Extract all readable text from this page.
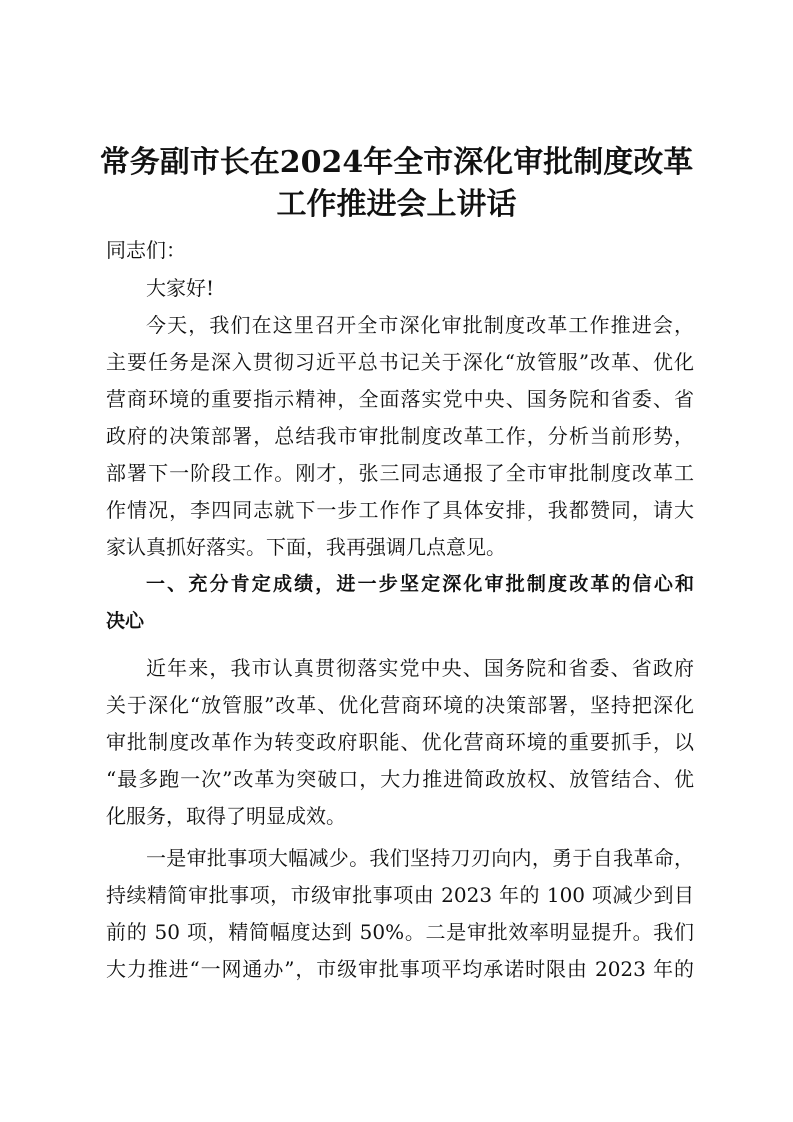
常务副市长在2024年全市深化审批制度改革
工作推进会上讲话

同志们：

大家好!

今天，我们在这里召开全市深化审批制度改革工作推进会，

主要任务是深入贯彻习近平总书记关于深化“放管服”改革、优化

营商环境的重要指示精神，全面落实党中央、国务院和省委、省

政府的决策部署，总结我市审批制度改革工作，分析当前形势，

部署下一阶段工作。刚才，张三同志通报了全市审批制度改革工

作情况，李四同志就下一步工作作了具体安排，我都赞同，请大

家认真抓好落实。下面，我再强调几点意见。

一、充分肯定成绩，进一步坚定深化审批制度改革的信心和

决心

近年来，我市认真贯彻落实党中央、国务院和省委、省政府

关于深化“放管服”改革、优化营商环境的决策部署，坚持把深化

审批制度改革作为转变政府职能、优化营商环境的重要抓手，以

“最多跑一次”改革为突破口，大力推进简政放权、放管结合、优

化服务，取得了明显成效。

一是审批事项大幅减少。我们坚持刀刃向内，勇于自我革命，

持续精简审批事项，市级审批事项由 2023 年的 100 项减少到目

前的 50 项，精简幅度达到 50%。二是审批效率明显提升。我们

大力推进“一网通办”，市级审批事项平均承诺时限由 2023 年的
